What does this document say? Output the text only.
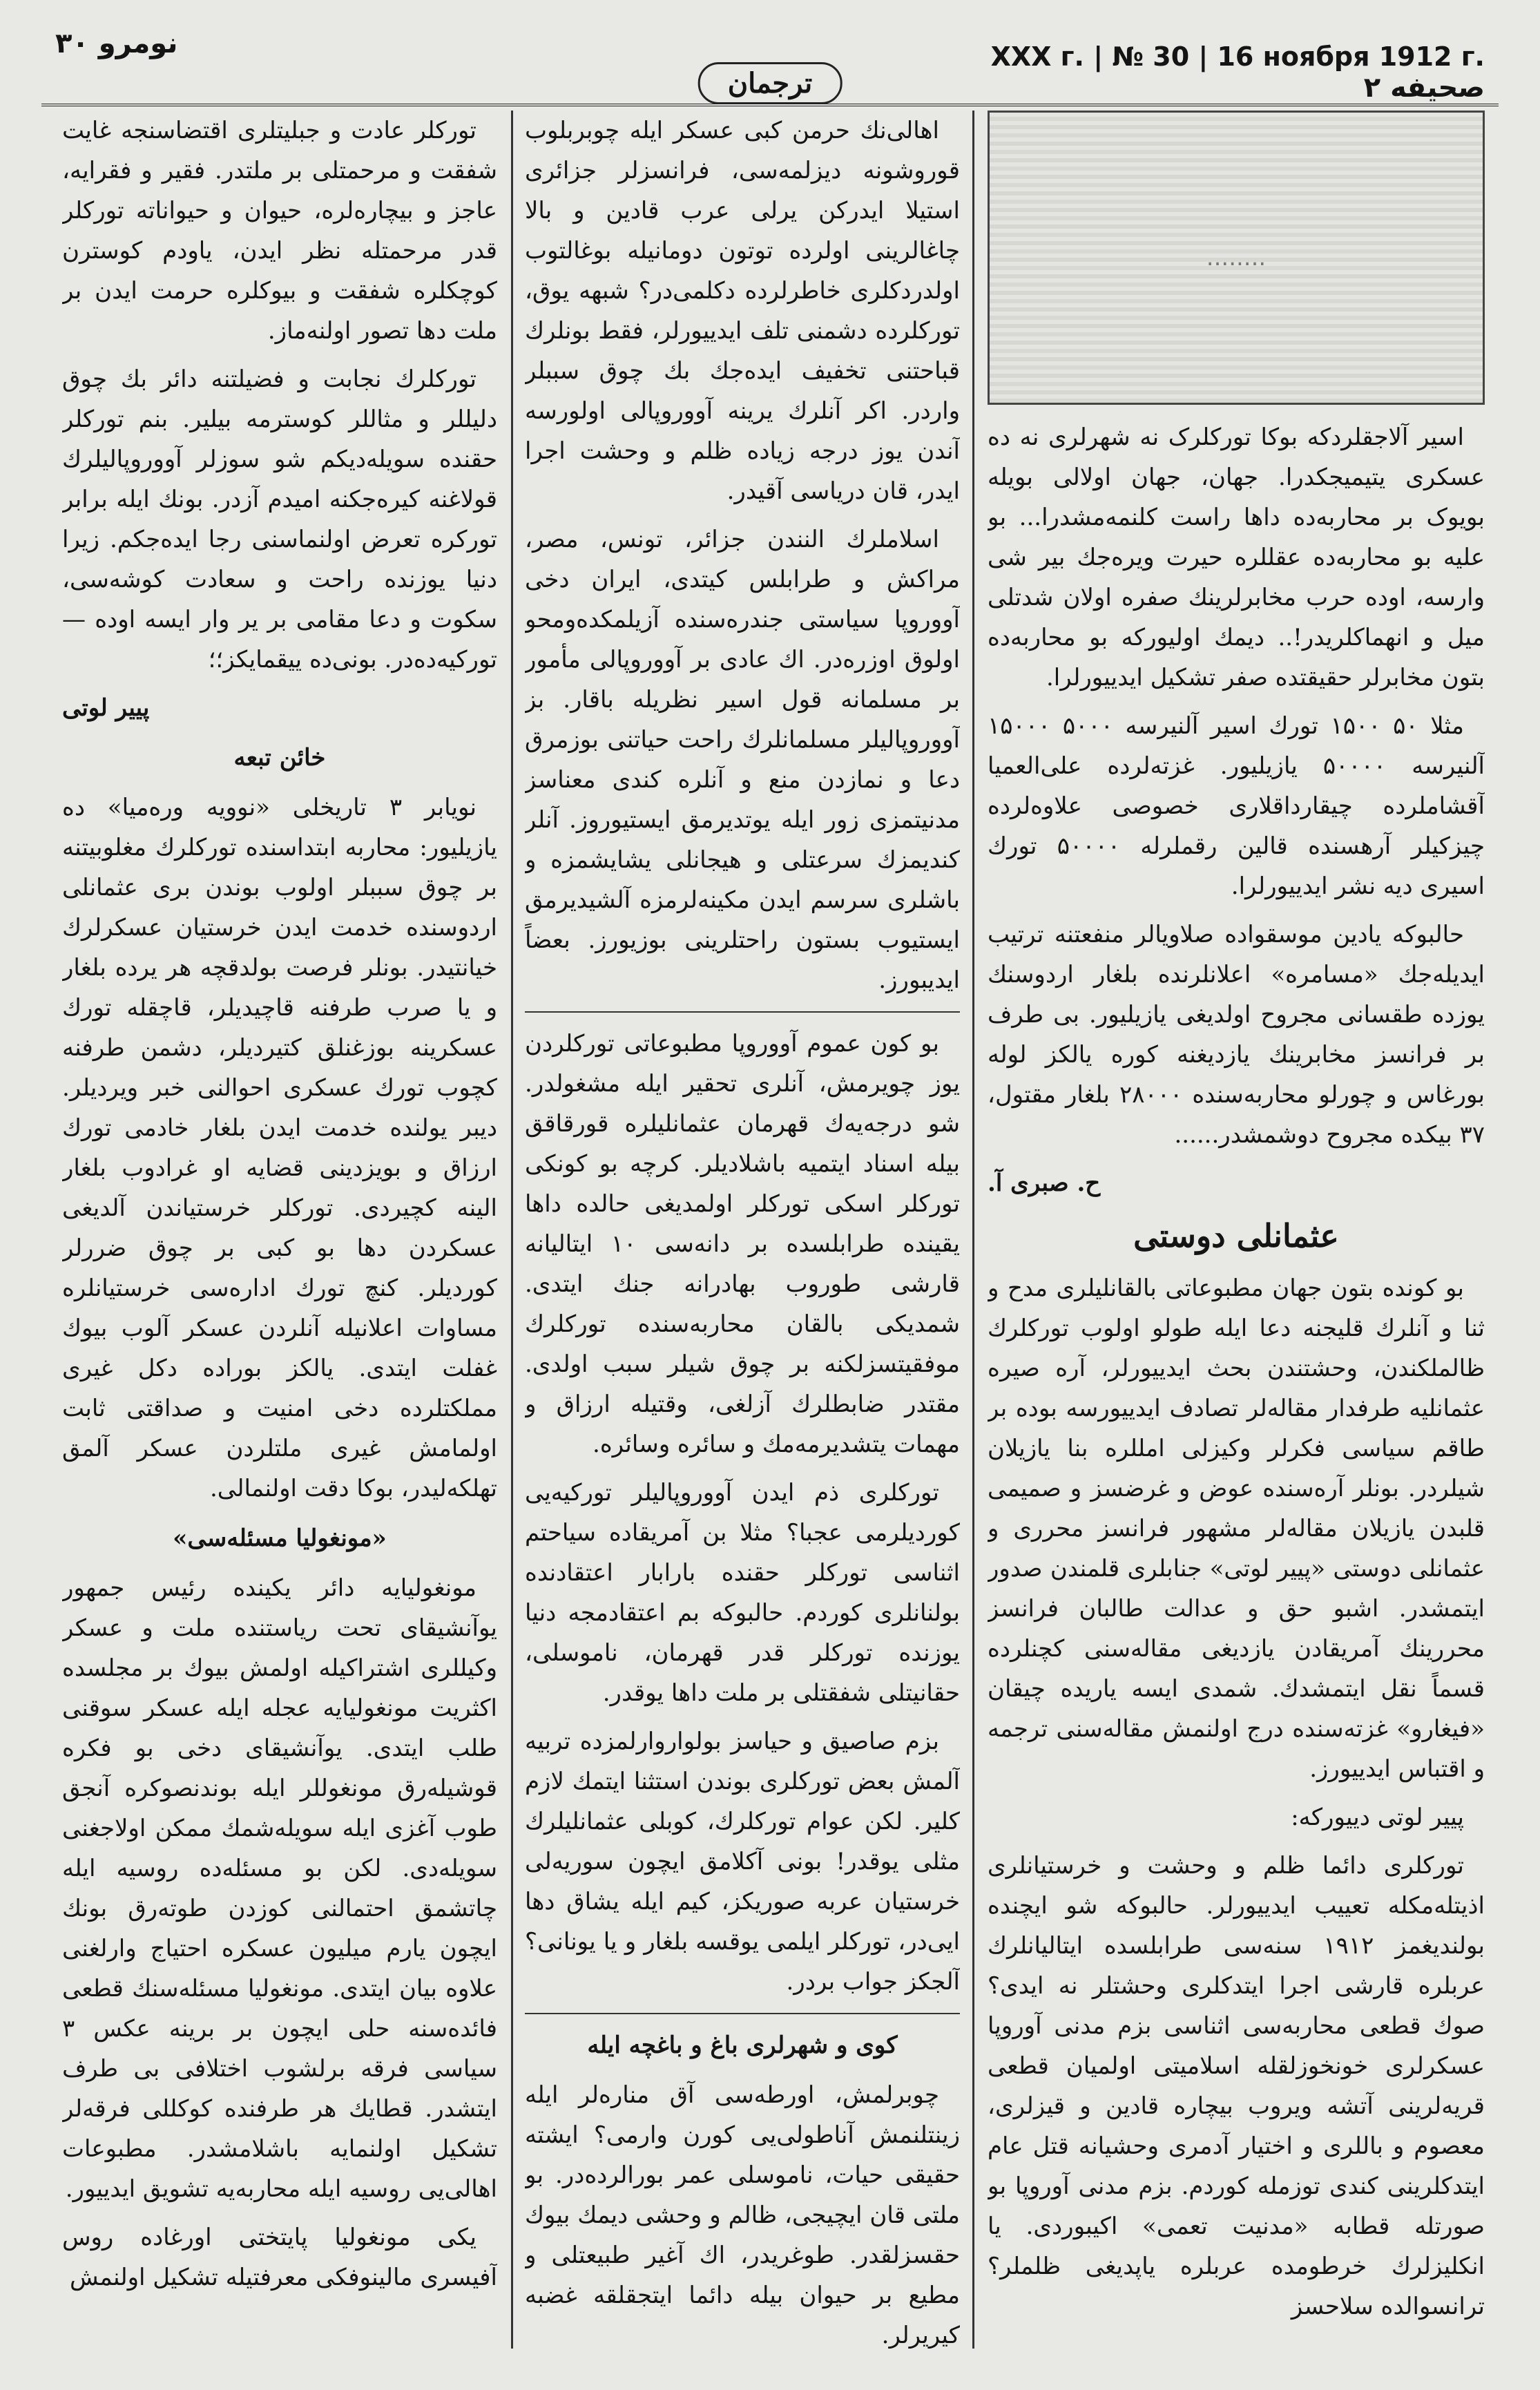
نومرو ۳۰
ترجمان
XXX г. | № 30 | 16 ноября 1912 г.
صحيفه ۲
........

اسیر آلاجقلردکه بوکا تورکلرک نه شهرلری نه ده عسکری یتیمیجکدرا. جهان، جهان اولالی بویله بویوک بر محاربه‌ده داها راست کلنمه‌مشدرا... بو علیه بو محاربه‌ده عقللره حیرت ویره‌جك بیر شی وارسه، اوده حرب مخابرلرینك صفره اولان شدتلی میل و انهماکلریدر!.. دیمك اولیورکه بو محاربه‌ده بتون مخابرلر حقیقتده صفر تشکیل ایدییورلرا.

مثلا ۵۰ ۱۵۰۰ تورك اسیر آلنیرسه ۵۰۰۰ ۱۵۰۰۰ آلنیرسه ۵۰۰۰۰ یازیلیور. غزته‌لرده علی‌العمیا آقشاملرده چیقارداقلاری خصوصی علاوه‌لرده چیزکیلر آرهسنده قالین رقملرله ۵۰۰۰۰ تورك اسیری دیه نشر ایدییورلرا.

حالبوکه یادین موسقواده صلاویالر منفعتنه ترتیب ایدیله‌جك «مسامره» اعلانلرنده بلغار اردوسنك یوزده طقسانی مجروح اولدیغی یازیلیور. بی طرف بر فرانسز مخابرینك یازدیغنه کوره یالکز لوله بورغاس و چورلو محاربه‌سنده ۲۸۰۰۰ بلغار مقتول، ۳۷ بیکده مجروح دوشمشدر......

ح. صبری آ.

عثمانلی دوستی

بو کونده بتون جهان مطبوعاتی بالقانلیلری مدح و ثنا و آنلرك قلیجنه دعا ایله طولو اولوب تورکلرك ظالملکندن، وحشتندن بحث ایدییورلر، آره صیره عثمانلیه طرفدار مقاله‌لر تصادف ایدییورسه بوده بر طاقم سیاسی فکرلر وکیزلی امللره بنا یازیلان شیلردر. بونلر آره‌سنده عوض و غرضسز و صمیمی قلبدن یازیلان مقاله‌لر مشهور فرانسز محرری و عثمانلی دوستی «پییر لوتی» جنابلری قلمندن صدور ایتمشدر. اشبو حق و عدالت طالبان فرانسز محررینك آمریقادن یازدیغی مقاله‌سنی کچنلرده قسماً نقل ایتمشدك. شمدی ایسه یاریده چیقان «فیغارو» غزته‌سنده درج اولنمش مقاله‌سنی ترجمه و اقتباس ایدییورز.

پییر لوتی دییورکه:

تورکلری دائما ظلم و وحشت و خرستیانلری اذیتله‌مکله تعییب ایدییورلر. حالبوکه شو ایچنده بولندیغمز ۱۹۱۲ سنه‌سی طرابلسده ایتالیانلرك عربلره قارشی اجرا ایتدکلری وحشتلر نه ایدی؟ صوك قطعی محاربه‌سی اثناسی بزم مدنی آوروپا عسکرلری خونخوزلقله اسلامیتی اولمیان قطعی قریه‌لرینی آتشه ویروب بیچاره قادین و قیزلری، معصوم و باللری و اختیار آدمری وحشیانه قتل عام ایتدکلرینی کندی توزمله کوردم. بزم مدنی آوروپا بو صورتله قطابه «مدنیت تعمی» اکیبوردی. یا انکلیزلرك خرطومده عربلره یاپدیغی ظلملر؟ ترانسوالده سلاحسز

اهالی‌نك حرمن کبی عسکر ایله چوبربلوب قوروشونه دیزلمه‌سی، فرانسزلر جزائری استیلا ایدرکن یرلی عرب قادین و بالا چاغالرینی اولرده توتون دومانیله بوغالتوب اولدردکلری خاطرلرده دکلمی‌در؟ شبهه یوق، تورکلرده دشمنی تلف ایدییورلر، فقط بونلرك قباحتنی تخفیف ایده‌جك بك چوق سببلر واردر. اکر آنلرك یرینه آووروپالی اولورسه آندن یوز درجه زیاده ظلم و وحشت اجرا ایدر، قان دریاسی آقیدر.

اسلاملرك النندن جزائر، تونس، مصر، مراکش و طرابلس کیتدی، ایران دخی آووروپا سیاستی جندره‌سنده آزیلمکده‌ومحو اولوق اوزره‌در. اك عادی بر آووروپالی مأمور بر مسلمانه قول اسیر نظریله باقار. بز آووروپالیلر مسلمانلرك راحت حیاتنی بوزمرق دعا و نمازدن منع و آنلره کندی معناسز مدنیتمزی زور ایله یوتدیرمق ایستیوروز. آنلر کندیمزك سرعتلی و هیجانلی یشایشمزه و باشلری سرسم ایدن مکینه‌لرمزه آلشیدیرمق ایستیوب بستون راحتلرینی بوزیورز. بعضاً ایدیبورز.

بو کون عموم آووروپا مطبوعاتی تورکلردن یوز چویرمش، آنلری تحقیر ایله مشغولدر. شو درجه‌یه‌ك قهرمان عثمانلیلره قورقاقق بیله اسناد ایتمیه باشلادیلر. کرچه بو کونکی تورکلر اسکی تورکلر اولمدیغی حالده داها یقینده طرابلسده بر دانه‌سی ۱۰ ایتالیانه قارشی طوروب بهادرانه جنك ایتدی. شمدیکی بالقان محاربه‌سنده تورکلرك موفقیتسزلکنه بر چوق شیلر سبب اولدی. مقتدر ضابطلرك آزلغی، وقتیله ارزاق و مهمات یتشدیرمه‌مك و سائره وسائره.

تورکلری ذم ایدن آووروپالیلر تورکیه‌یی کوردیلرمی عجبا؟ مثلا بن آمریقاده سیاحتم اثناسی تورکلر حقنده بارابار اعتقادنده بولنانلری کوردم. حالبوکه بم اعتقادمجه دنیا یوزنده تورکلر قدر قهرمان، ناموسلی، حقانیتلی شفقتلی بر ملت داها یوقدر.

بزم صاصیق و حیاسز بولواروارلمزده تربیه آلمش بعض تورکلری بوندن استثنا ایتمك لازم کلیر. لکن عوام تورکلرك، کوبلی عثمانلیلرك مثلی یوقدر! بونی آکلامق ایچون سوریه‌لی خرستیان عربه صوریکز، کیم ایله یشاق دها ایی‌در، تورکلر ایلمی یوقسه بلغار و یا یونانی؟ آلجکز جواب بردر.

کوی و شهرلری باغ و باغچه ایله

چوبرلمش، اورطه‌سی آق مناره‌لر ایله زینتلنمش آناطولی‌یی کورن وارمی؟ ایشته حقیقی حیات، ناموسلی عمر بورالرده‌در. بو ملتی قان ایچیجی، ظالم و وحشی دیمك بیوك حقسزلقدر. طوغریدر، اك آغیر طبیعتلی و مطیع بر حیوان بیله دائما ایتجقلقه غضبه کیریرلر.

تورکلر عادت و جبلیتلری اقتضاسنجه غایت شفقت و مرحمتلی بر ملتدر. فقیر و فقرایه، عاجز و بیچاره‌لره، حیوان و حیواناته تورکلر قدر مرحمتله نظر ایدن، یاودم کوسترن کوچکلره شفقت و بیوکلره حرمت ایدن بر ملت دها تصور اولنه‌ماز.

تورکلرك نجابت و فضیلتنه دائر بك چوق دلیللر و مثاللر کوسترمه بیلیر. بنم تورکلر حقنده سویله‌دیکم شو سوزلر آووروپالیلرك قولاغنه کیره‌جکنه امیدم آزدر. بونك ایله برابر تورکره تعرض اولنماسنی رجا ایده‌جکم. زیرا دنیا یوزنده راحت و سعادت کوشه‌سی، سکوت و دعا مقامی بر یر وار ایسه اوده — تورکیه‌ده‌در. بونی‌ده ییقمایکز؛؛

پییر لوتی

خائن تبعه

نویابر ۳ تاریخلی «نوویه وره‌میا» ده یازیلیور: محاربه ابتداسنده تورکلرك مغلوبیتنه بر چوق سببلر اولوب بوندن بری عثمانلی اردوسنده خدمت ایدن خرستیان عسکرلرك خیانتیدر. بونلر فرصت بولدقچه هر یرده بلغار و یا صرب طرفنه قاچیدیلر، قاچقله تورك عسکرینه بوزغنلق کتیردیلر، دشمن طرفنه کچوب تورك عسکری احوالنی خبر ویردیلر. دیبر یولنده خدمت ایدن بلغار خادمی تورك ارزاق و بویزدینی قضایه او غرادوب بلغار الینه کچیردی. تورکلر خرستیاندن آلدیغی عسکردن دها بو کبی بر چوق ضررلر کوردیلر. کنچ تورك اداره‌سی خرستیانلره مساوات اعلانیله آنلردن عسکر آلوب بیوك غفلت ایتدی. یالکز بوراده دکل غیری مملکتلرده دخی امنیت و صداقتی ثابت اولمامش غیری ملتلردن عسکر آلمق تهلکه‌لیدر، بوکا دقت اولنمالی.

«مونغولیا مسئله‌سی»

مونغولیایه دائر یکینده رئیس جمهور یوآنشیقای تحت ریاستنده ملت و عسکر وکیللری اشتراکیله اولمش بیوك بر مجلسده اکثریت مونغولیایه عجله ایله عسکر سوقنی طلب ایتدی. یوآنشیقای دخی بو فکره قوشیله‌رق مونغوللر ایله بوندنصوکره آنجق طوب آغزی ایله سویله‌شمك ممکن اولاجغنی سویله‌دی. لکن بو مسئله‌ده روسیه ایله چاتشمق احتمالنی کوزدن طوته‌رق بونك ایچون یارم میلیون عسکره احتیاج وارلغنی علاوه بیان ایتدی. مونغولیا مسئله‌سنك قطعی فائده‌سنه حلی ایچون بر برینه عکس ۳ سیاسی فرقه برلشوب اختلافی بی طرف ایتشدر. قطایك هر طرفنده کوکللی فرقه‌لر تشکیل اولنمایه باشلامشدر. مطبوعات اهالی‌یی روسیه ایله محاربه‌یه تشویق ایدییور.

یکی مونغولیا پایتختی اورغاده روس آفیسری مالینوفکی معرفتیله تشکیل اولنمش
